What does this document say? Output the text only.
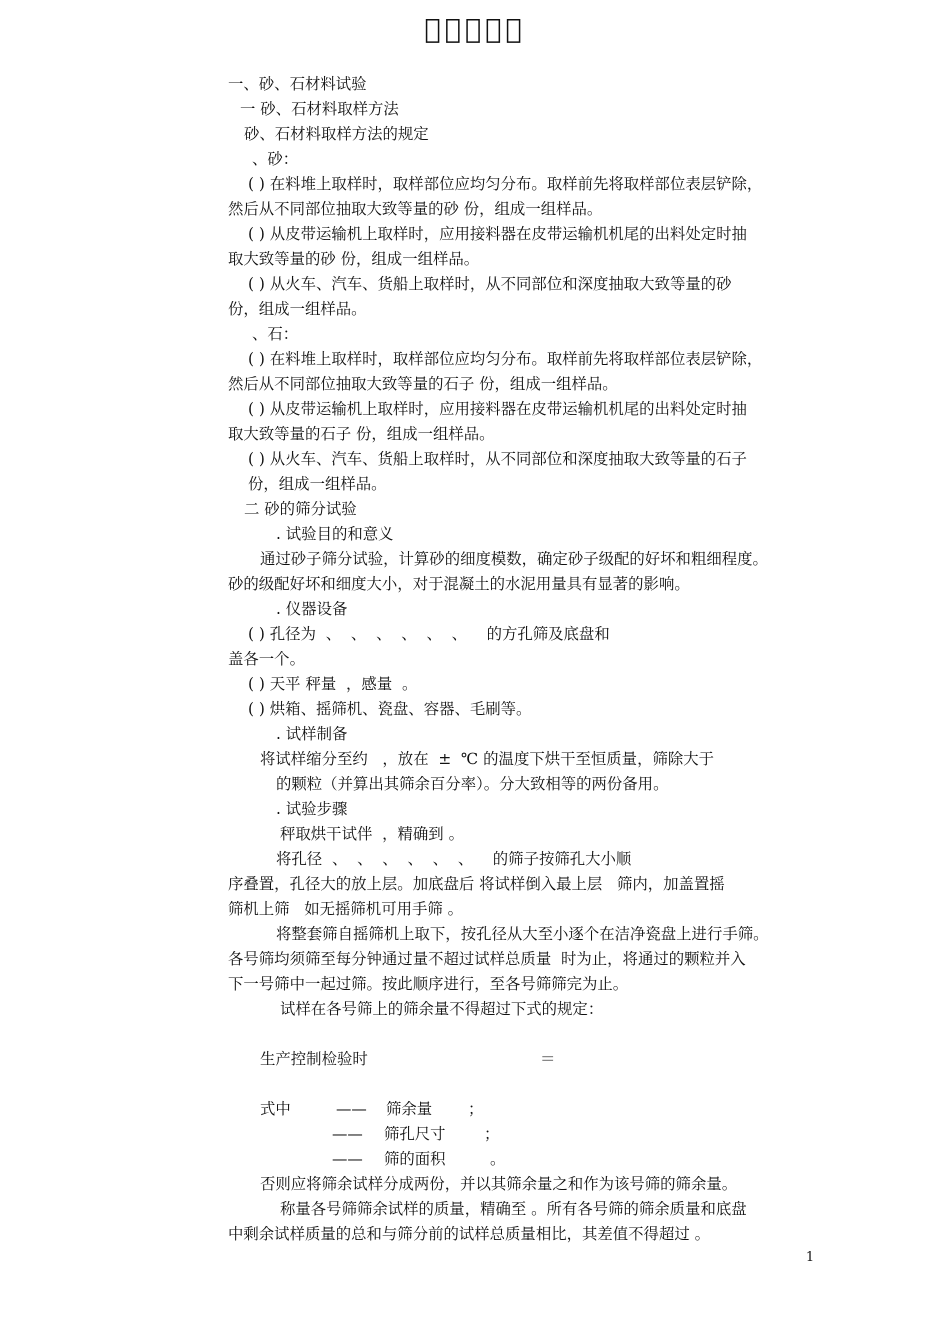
􀀀􀀀􀀀􀀀􀀀

一、砂、石材料试验

一 砂、石材料取样方法

砂、石材料取样方法的规定

、砂：

( ) 在料堆上取样时，取样部位应均匀分布。取样前先将取样部位表层铲除，

然后从不同部位抽取大致等量的砂 份，组成一组样品。

( ) 从皮带运输机上取样时，应用接料器在皮带运输机机尾的出料处定时抽

取大致等量的砂 份，组成一组样品。

( ) 从火车、汽车、货船上取样时，从不同部位和深度抽取大致等量的砂

份，组成一组样品。

、石：

( ) 在料堆上取样时，取样部位应均匀分布。取样前先将取样部位表层铲除，

然后从不同部位抽取大致等量的石子 份，组成一组样品。

( ) 从皮带运输机上取样时，应用接料器在皮带运输机机尾的出料处定时抽

取大致等量的石子 份，组成一组样品。

( ) 从火车、汽车、货船上取样时，从不同部位和深度抽取大致等量的石子

份，组成一组样品。

二 砂的筛分试验

. 试验目的和意义

通过砂子筛分试验，计算砂的细度模数，确定砂子级配的好坏和粗细程度。

砂的级配好坏和细度大小，对于混凝土的水泥用量具有显著的影响。

. 仪器设备

( ) 孔径为  、  、  、  、  、  、    的方孔筛及底盘和

盖各一个。

( ) 天平 秤量  ，感量  。

( ) 烘箱、摇筛机、瓷盘、容器、毛刷等。

. 试样制备

将试样缩分至约   ，放在  ±  ℃ 的温度下烘干至恒质量，筛除大于

的颗粒（并算出其筛余百分率）。分大致相等的两份备用。

. 试验步骤

秤取烘干试伴  ，精确到 。

将孔径  、  、  、  、  、  、    的筛子按筛孔大小顺

序叠置，孔径大的放上层。加底盘后 将试样倒入最上层   筛内，加盖置摇

筛机上筛   如无摇筛机可用手筛 。

将整套筛自摇筛机上取下，按孔径从大至小逐个在洁净瓷盘上进行手筛。

各号筛均须筛至每分钟通过量不超过试样总质量  时为止，将通过的颗粒并入

下一号筛中一起过筛。按此顺序进行，至各号筛筛完为止。

试样在各号筛上的筛余量不得超过下式的规定：

生产控制检验时	＝
式中	—— 筛余量 ；
—— 筛孔尺寸 ；
—— 筛的面积	。

否则应将筛余试样分成两份，并以其筛余量之和作为该号筛的筛余量。

称量各号筛筛余试样的质量，精确至 。所有各号筛的筛余质量和底盘

中剩余试样质量的总和与筛分前的试样总质量相比，其差值不得超过 。

1
